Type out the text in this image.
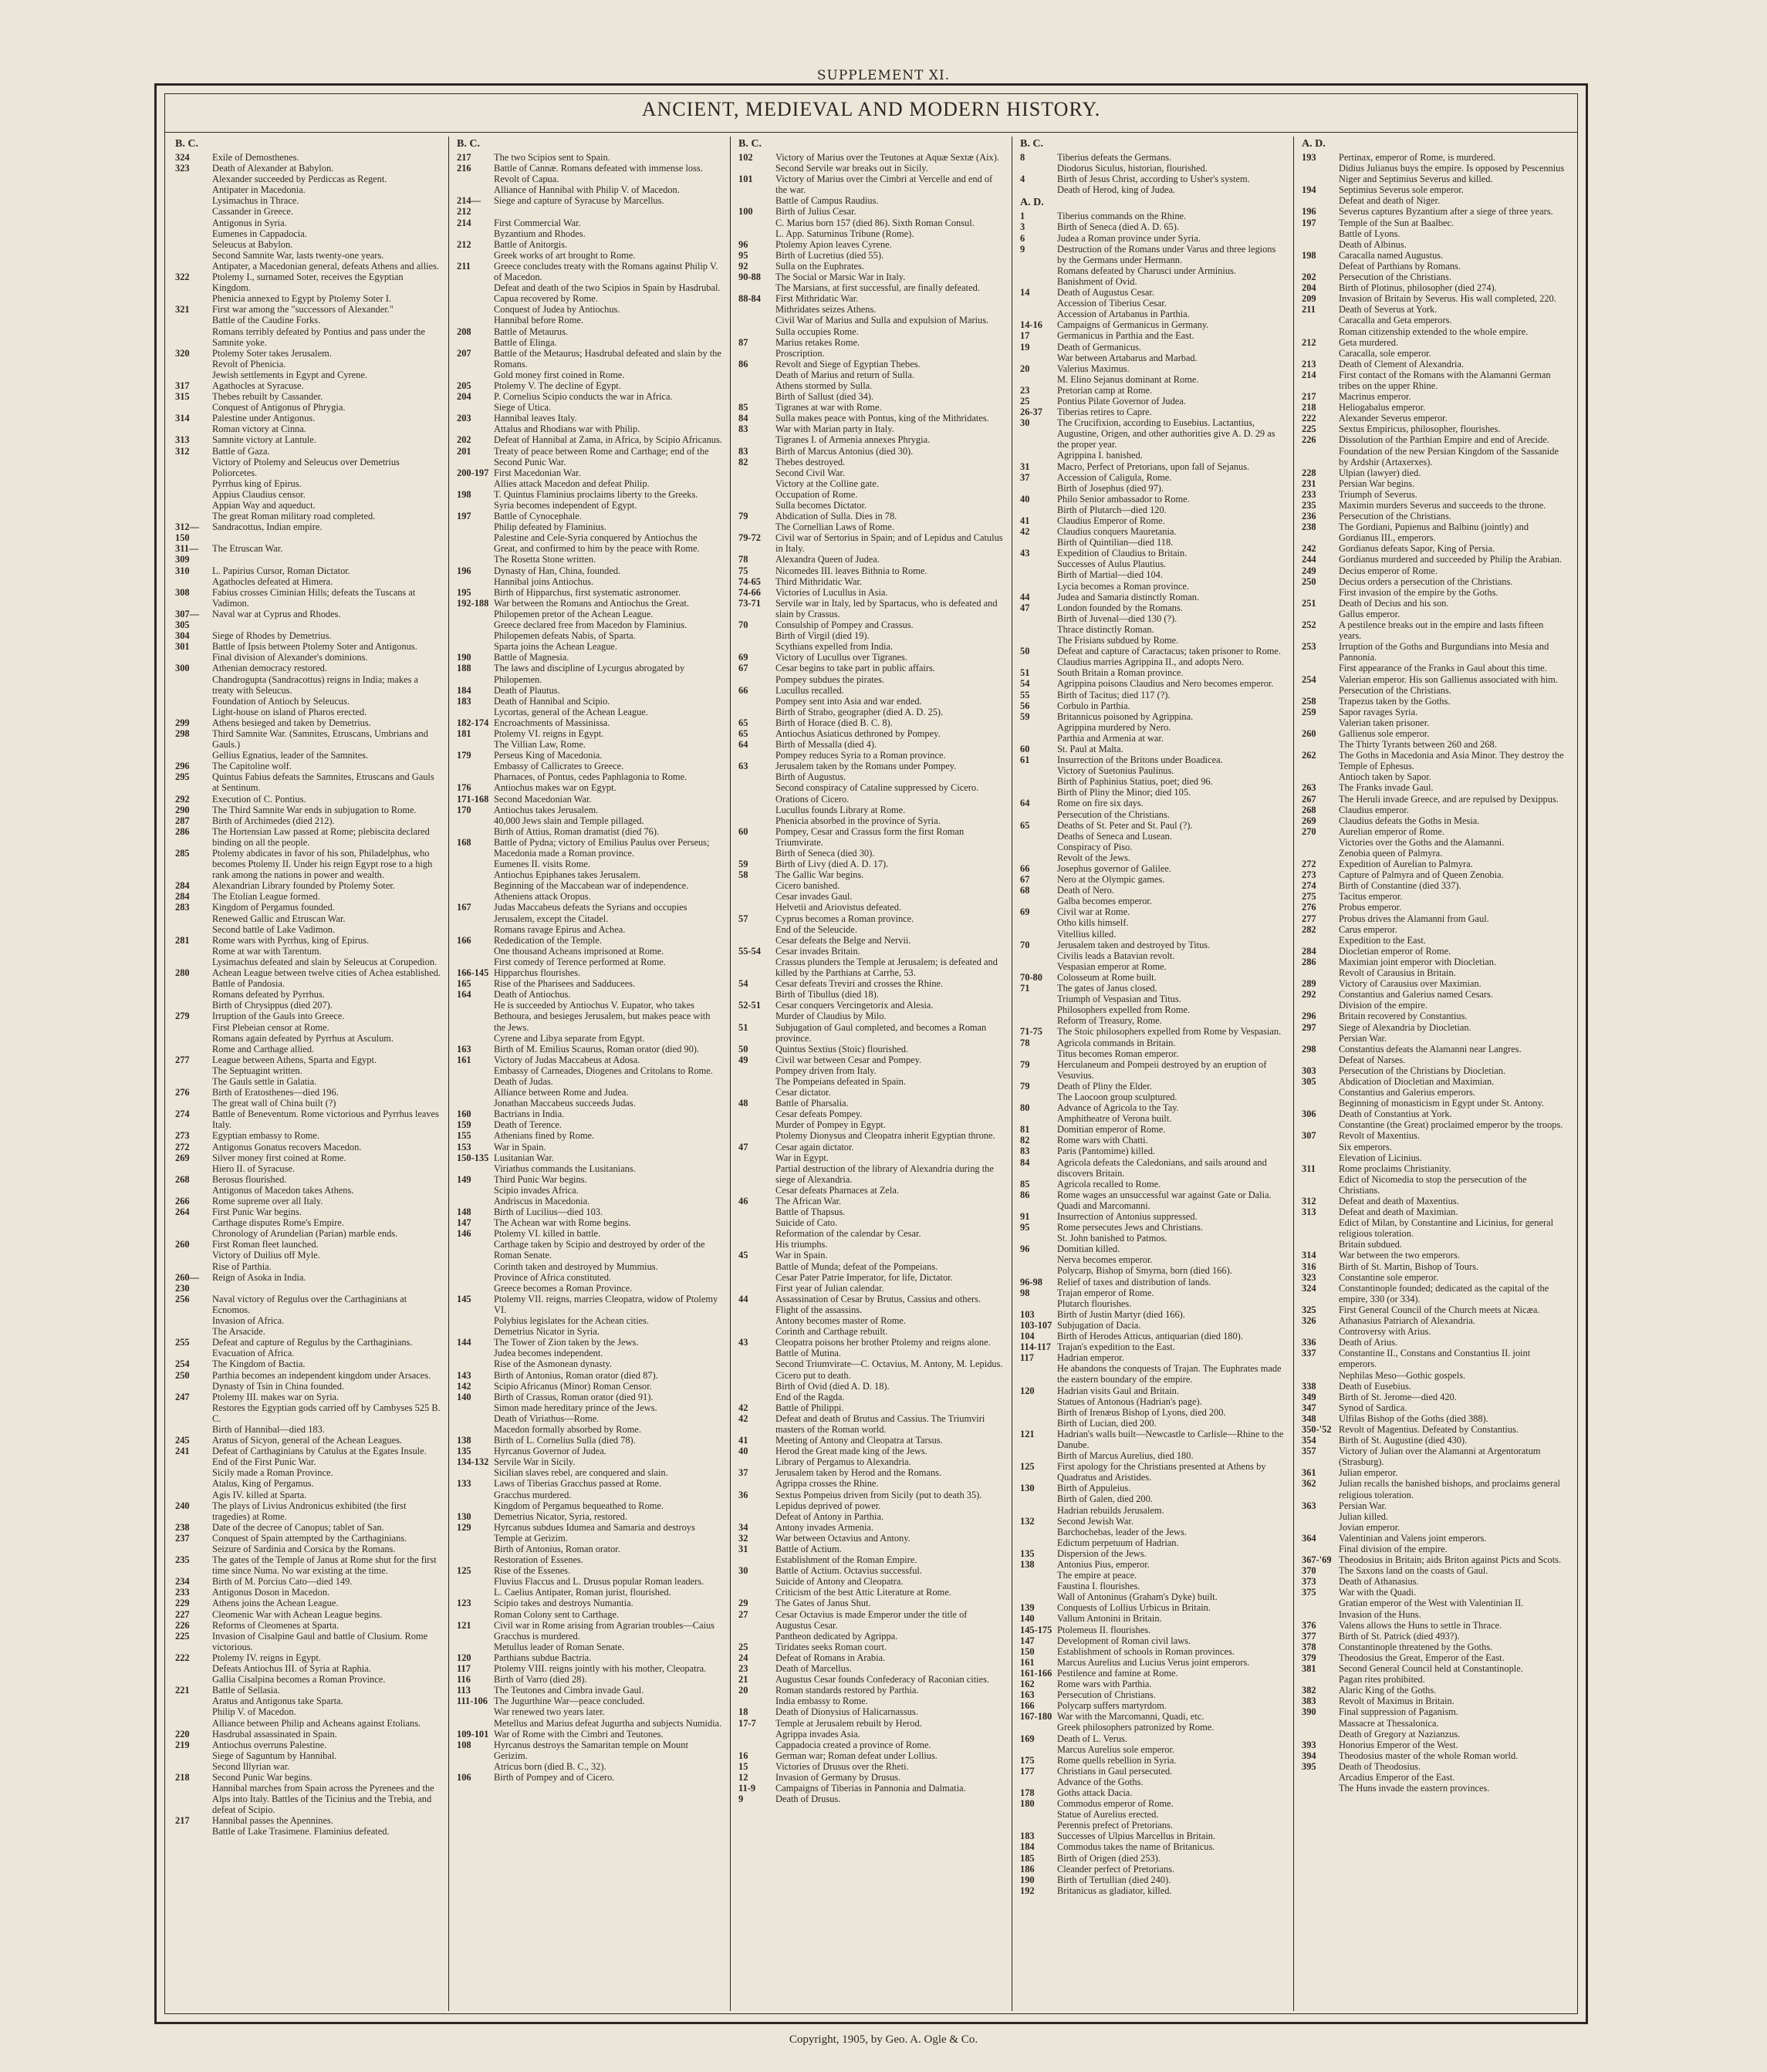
SUPPLEMENT XI.
ANCIENT, MEDIEVAL AND MODERN HISTORY.
B. C.
324	Exile of Demosthenes.
323	Death of Alexander at Babylon.
Alexander succeeded by Perdiccas as Regent.
Antipater in Macedonia.
Lysimachus in Thrace.
Cassander in Greece.
Antigonus in Syria.
Eumenes in Cappadocia.
Seleucus at Babylon.
Second Samnite War, lasts twenty-one years.
Antipater, a Macedonian general, defeats Athens and allies.
322	Ptolemy I., surnamed Soter, receives the Egyptian Kingdom.
Phenicia annexed to Egypt by Ptolemy Soter I.
321	First war among the "successors of Alexander."
Battle of the Caudine Forks.
Romans terribly defeated by Pontius and pass under the Samnite yoke.
320	Ptolemy Soter takes Jerusalem.
Revolt of Phenicia.
Jewish settlements in Egypt and Cyrene.
317	Agathocles at Syracuse.
315	Thebes rebuilt by Cassander.
Conquest of Antigonus of Phrygia.
314	Palestine under Antigonus.
Roman victory at Cinna.
313	Samnite victory at Lantule.
312	Battle of Gaza.
Victory of Ptolemy and Seleucus over Demetrius Poliorcetes.
Pyrrhus king of Epirus.
Appius Claudius censor.
Appian Way and aqueduct.
The great Roman military road completed.
312—150
Sandracottus, Indian empire.
311—309
The Etruscan War.
310	L. Papirius Cursor, Roman Dictator.
Agathocles defeated at Himera.
308	Fabius crosses Ciminian Hills; defeats the Tuscans at Vadimon.
307—305
Naval war at Cyprus and Rhodes.
304	Siege of Rhodes by Demetrius.
301	Battle of Ipsis between Ptolemy Soter and Antigonus.
Final division of Alexander's dominions.
300	Athenian democracy restored.
Chandrogupta (Sandracottus) reigns in India; makes a treaty with Seleucus.
Foundation of Antioch by Seleucus.
Light-house on island of Pharos erected.
299	Athens besieged and taken by Demetrius.
298	Third Samnite War. (Samnites, Etruscans, Umbrians and Gauls.)
Gellius Egnatius, leader of the Samnites.
296	The Capitoline wolf.
295	Quintus Fabius defeats the Samnites, Etruscans and Gauls at Sentinum.
292	Execution of C. Pontius.
290	The Third Samnite War ends in subjugation to Rome.
287	Birth of Archimedes (died 212).
286	The Hortensian Law passed at Rome; plebiscita declared binding on all the people.
285	Ptolemy abdicates in favor of his son, Philadelphus, who becomes Ptolemy II. Under his reign Egypt rose to a high rank among the nations in power and wealth.
284	Alexandrian Library founded by Ptolemy Soter.
284	The Etolian League formed.
283	Kingdom of Pergamus founded.
Renewed Gallic and Etruscan War.
Second battle of Lake Vadimon.
281	Rome wars with Pyrrhus, king of Epirus.
Rome at war with Tarentum.
Lysimachus defeated and slain by Seleucus at Corupedion.
280	Achean League between twelve cities of Achea established.
Battle of Pandosia.
Romans defeated by Pyrrhus.
Birth of Chrysippus (died 207).
279	Irruption of the Gauls into Greece.
First Plebeian censor at Rome.
Romans again defeated by Pyrrhus at Asculum.
Rome and Carthage allied.
277	League between Athens, Sparta and Egypt.
The Septuagint written.
The Gauls settle in Galatia.
276	Birth of Eratosthenes—died 196.
The great wall of China built (?)
274	Battle of Beneventum. Rome victorious and Pyrrhus leaves Italy.
273	Egyptian embassy to Rome.
272	Antigonus Gonatus recovers Macedon.
269	Silver money first coined at Rome.
Hiero II. of Syracuse.
268	Berosus flourished.
Antigonus of Macedon takes Athens.
266	Rome supreme over all Italy.
264	First Punic War begins.
Carthage disputes Rome's Empire.
Chronology of Arundelian (Parian) marble ends.
260	First Roman fleet launched.
Victory of Duilius off Myle.
Rise of Parthia.
260—230
Reign of Asoka in India.
256	Naval victory of Regulus over the Carthaginians at Ecnomos.
Invasion of Africa.
The Arsacide.
255	Defeat and capture of Regulus by the Carthaginians.
Evacuation of Africa.
254	The Kingdom of Bactia.
250	Parthia becomes an independent kingdom under Arsaces.
Dynasty of Tsin in China founded.
247	Ptolemy III. makes war on Syria.
Restores the Egyptian gods carried off by Cambyses 525 B. C.
Birth of Hannibal—died 183.
245	Aratus of Sicyon, general of the Achean Leagues.
241	Defeat of Carthaginians by Catulus at the Egates Insule.
End of the First Punic War.
Sicily made a Roman Province.
Atalus, King of Pergamus.
Agis IV. killed at Sparta.
240	The plays of Livius Andronicus exhibited (the first tragedies) at Rome.
238	Date of the decree of Canopus; tablet of San.
237	Conquest of Spain attempted by the Carthaginians.
Seizure of Sardinia and Corsica by the Romans.
235	The gates of the Temple of Janus at Rome shut for the first time since Numa. No war existing at the time.
234	Birth of M. Porcius Cato—died 149.
233	Antigonus Doson in Macedon.
229	Athens joins the Achean League.
227	Cleomenic War with Achean League begins.
226	Reforms of Cleomenes at Sparta.
225	Invasion of Cisalpine Gaul and battle of Clusium. Rome victorious.
222	Ptolemy IV. reigns in Egypt.
Defeats Antiochus III. of Syria at Raphia.
Gallia Cisalpina becomes a Roman Province.
221	Battle of Sellasia.
Aratus and Antigonus take Sparta.
Philip V. of Macedon.
Alliance between Philip and Acheans against Etolians.
220	Hasdrubal assassinated in Spain.
219	Antiochus overruns Palestine.
Siege of Saguntum by Hannibal.
Second Illyrian war.
218	Second Punic War begins.
Hannibal marches from Spain across the Pyrenees and the Alps into Italy. Battles of the Ticinius and the Trebia, and defeat of Scipio.
217	Hannibal passes the Apennines.
Battle of Lake Trasimene. Flaminius defeated.
B. C.
217	The two Scipios sent to Spain.
216	Battle of Cannæ. Romans defeated with immense loss.
Revolt of Capua.
Alliance of Hannibal with Philip V. of Macedon.
214—212
Siege and capture of Syracuse by Marcellus.
214	First Commercial War.
Byzantium and Rhodes.
212	Battle of Anitorgis.
Greek works of art brought to Rome.
211	Greece concludes treaty with the Romans against Philip V. of Macedon.
Defeat and death of the two Scipios in Spain by Hasdrubal.
Capua recovered by Rome.
Conquest of Judea by Antiochus.
Hannibal before Rome.
208	Battle of Metaurus.
Battle of Elinga.
207	Battle of the Metaurus; Hasdrubal defeated and slain by the Romans.
Gold money first coined in Rome.
205	Ptolemy V. The decline of Egypt.
204	P. Cornelius Scipio conducts the war in Africa.
Siege of Utica.
203	Hannibal leaves Italy.
Attalus and Rhodians war with Philip.
202	Defeat of Hannibal at Zama, in Africa, by Scipio Africanus.
201	Treaty of peace between Rome and Carthage; end of the Second Punic War.
200-197 First Macedonian War.
Allies attack Macedon and defeat Philip.
198	T. Quintus Flaminius proclaims liberty to the Greeks.
Syria becomes independent of Egypt.
197	Battle of Cynocephale.
Philip defeated by Flaminius.
Palestine and Cele-Syria conquered by Antiochus the Great, and confirmed to him by the peace with Rome.
The Rosetta Stone written.
196	Dynasty of Han, China, founded.
Hannibal joins Antiochus.
195	Birth of Hipparchus, first systematic astronomer.
192-188 War between the Romans and Antiochus the Great.
Philopemen pretor of the Achean League.
Greece declared free from Macedon by Flaminius.
Philopemen defeats Nabis, of Sparta.
Sparta joins the Achean League.
190	Battle of Magnesia.
188	The laws and discipline of Lycurgus abrogated by Philopemen.
184	Death of Plautus.
183	Death of Hannibal and Scipio.
Lycortas, general of the Achean League.
182-174 Encroachments of Massinissa.
181	Ptolemy VI. reigns in Egypt.
The Villian Law, Rome.
179	Perseus King of Macedonia.
Embassy of Callicrates to Greece.
Pharnaces, of Pontus, cedes Paphlagonia to Rome.
176	Antiochus makes war on Egypt.
171-168 Second Macedonian War.
170	Antiochus takes Jerusalem.
40,000 Jews slain and Temple pillaged.
Birth of Attius, Roman dramatist (died 76).
168	Battle of Pydna; victory of Emilius Paulus over Perseus; Macedonia made a Roman province.
Eumenes II. visits Rome.
Antiochus Epiphanes takes Jerusalem.
Beginning of the Maccabean war of independence.
Atheniens attack Oropus.
167	Judas Maccabeus defeats the Syrians and occupies Jerusalem, except the Citadel.
Romans ravage Epirus and Achea.
166	Rededication of the Temple.
One thousand Acheans imprisoned at Rome.
First comedy of Terence performed at Rome.
166-145 Hipparchus flourishes.
165	Rise of the Pharisees and Sadducees.
164	Death of Antiochus.
He is succeeded by Antiochus V. Eupator, who takes Bethoura, and besieges Jerusalem, but makes peace with the Jews.
Cyrene and Libya separate from Egypt.
163	Birth of M. Emilius Scaurus, Roman orator (died 90).
161	Victory of Judas Maccabeus at Adosa.
Embassy of Carneades, Diogenes and Critolans to Rome.
Death of Judas.
Alliance between Rome and Judea.
Jonathan Maccabeus succeeds Judas.
160	Bactrians in India.
159	Death of Terence.
155	Athenians fined by Rome.
153	War in Spain.
150-135 Lusitanian War.
Viriathus commands the Lusitanians.
149	Third Punic War begins.
Scipio invades Africa.
Andriscus in Macedonia.
148	Birth of Lucilius—died 103.
147	The Achean war with Rome begins.
146	Ptolemy VI. killed in battle.
Carthage taken by Scipio and destroyed by order of the Roman Senate.
Corinth taken and destroyed by Mummius.
Province of Africa constituted.
Greece becomes a Roman Province.
145	Ptolemy VII. reigns, marries Cleopatra, widow of Ptolemy VI.
Polybius legislates for the Achean cities.
Demetrius Nicator in Syria.
144	The Tower of Zion taken by the Jews.
Judea becomes independent.
Rise of the Asmonean dynasty.
143	Birth of Antonius, Roman orator (died 87).
142	Scipio Africanus (Minor) Roman Censor.
140	Birth of Crassus, Roman orator (died 91).
Simon made hereditary prince of the Jews.
Death of Viriathus—Rome.
Macedon formally absorbed by Rome.
138	Birth of L. Cornelius Sulla (died 78).
135	Hyrcanus Governor of Judea.
134-132 Servile War in Sicily.
Sicilian slaves rebel, are conquered and slain.
133	Laws of Tiberias Gracchus passed at Rome.
Gracchus murdered.
Kingdom of Pergamus bequeathed to Rome.
130	Demetrius Nicator, Syria, restored.
129	Hyrcanus subdues Idumea and Samaria and destroys Temple at Gerizim.
Birth of Antonius, Roman orator.
Restoration of Essenes.
125	Rise of the Essenes.
Fluvius Flaccus and L. Drusus popular Roman leaders.
L. Caelius Antipater, Roman jurist, flourished.
123	Scipio takes and destroys Numantia.
Roman Colony sent to Carthage.
121	Civil war in Rome arising from Agrarian troubles—Caius Gracchus is murdered.
Metullus leader of Roman Senate.
120	Parthians subdue Bactria.
117	Ptolemy VIII. reigns jointly with his mother, Cleopatra.
116	Birth of Varro (died 28).
113	The Teutones and Cimbra invade Gaul.
111-106 The Jugurthine War—peace concluded.
War renewed two years later.
Metellus and Marius defeat Jugurtha and subjects Numidia.
109-101 War of Rome with the Cimbri and Teutones.
108	Hyrcanus destroys the Samaritan temple on Mount Gerizim.
Atricus born (died B. C., 32).
106	Birth of Pompey and of Cicero.
B. C.
102	Victory of Marius over the Teutones at Aquæ Sextæ (Aix).
Second Servile war breaks out in Sicily.
101	Victory of Marius over the Cimbri at Vercelle and end of the war.
Battle of Campus Raudius.
100	Birth of Julius Cesar.
C. Marius born 157 (died 86). Sixth Roman Consul.
L. App. Saturninus Tribune (Rome).
96	Ptolemy Apion leaves Cyrene.
95	Birth of Lucretius (died 55).
92	Sulla on the Euphrates.
90-88	The Social or Marsic War in Italy.
The Marsians, at first successful, are finally defeated.
88-84	First Mithridatic War.
Mithridates seizes Athens.
Civil War of Marius and Sulla and expulsion of Marius.
Sulla occupies Rome.
87	Marius retakes Rome.
Proscription.
86	Revolt and Siege of Egyptian Thebes.
Death of Marius and return of Sulla.
Athens stormed by Sulla.
Birth of Sallust (died 34).
85	Tigranes at war with Rome.
84	Sulla makes peace with Pontus, king of the Mithridates.
83	War with Marian party in Italy.
Tigranes I. of Armenia annexes Phrygia.
83	Birth of Marcus Antonius (died 30).
82	Thebes destroyed.
Second Civil War.
Victory at the Colline gate.
Occupation of Rome.
Sulla becomes Dictator.
79	Abdication of Sulla. Dies in 78.
The Cornellian Laws of Rome.
79-72	Civil war of Sertorius in Spain; and of Lepidus and Catulus in Italy.
78	Alexandra Queen of Judea.
75	Nicomedes III. leaves Bithnia to Rome.
74-65	Third Mithridatic War.
74-66	Victories of Lucullus in Asia.
73-71	Servile war in Italy, led by Spartacus, who is defeated and slain by Crassus.
70	Consulship of Pompey and Crassus.
Birth of Virgil (died 19).
Scythians expelled from India.
69	Victory of Lucullus over Tigranes.
67	Cesar begins to take part in public affairs.
Pompey subdues the pirates.
66	Lucullus recalled.
Pompey sent into Asia and war ended.
Birth of Strabo, geographer (died A. D. 25).
65	Birth of Horace (died B. C. 8).
65	Antiochus Asiaticus dethroned by Pompey.
64	Birth of Messalla (died 4).
Pompey reduces Syria to a Roman province.
63	Jerusalem taken by the Romans under Pompey.
Birth of Augustus.
Second conspiracy of Cataline suppressed by Cicero.
Orations of Cicero.
Lucullus founds Library at Rome.
Phenicia absorbed in the province of Syria.
60	Pompey, Cesar and Crassus form the first Roman Triumvirate.
Birth of Seneca (died 30).
59	Birth of Livy (died A. D. 17).
58	The Gallic War begins.
Cicero banished.
Cesar invades Gaul.
Helvetii and Ariovistus defeated.
57	Cyprus becomes a Roman province.
End of the Seleucide.
Cesar defeats the Belge and Nervii.
55-54	Cesar invades Britain.
Crassus plunders the Temple at Jerusalem; is defeated and killed by the Parthians at Carrhe, 53.
54	Cesar defeats Treviri and crosses the Rhine.
Birth of Tibullus (died 18).
52-51	Cesar conquers Vercingetorix and Alesia.
Murder of Claudius by Milo.
51	Subjugation of Gaul completed, and becomes a Roman province.
50	Quintus Sextius (Stoic) flourished.
49	Civil war between Cesar and Pompey.
Pompey driven from Italy.
The Pompeians defeated in Spain.
Cesar dictator.
48	Battle of Pharsalia.
Cesar defeats Pompey.
Murder of Pompey in Egypt.
Ptolemy Dionysus and Cleopatra inherit Egyptian throne.
47	Cesar again dictator.
War in Egypt.
Partial destruction of the library of Alexandria during the siege of Alexandria.
Cesar defeats Pharnaces at Zela.
46	The African War.
Battle of Thapsus.
Suicide of Cato.
Reformation of the calendar by Cesar.
His triumphs.
45	War in Spain.
Battle of Munda; defeat of the Pompeians.
Cesar Pater Patrie Imperator, for life, Dictator.
First year of Julian calendar.
44	Assassination of Cesar by Brutus, Cassius and others. Flight of the assassins.
Antony becomes master of Rome.
Corinth and Carthage rebuilt.
43	Cleopatra poisons her brother Ptolemy and reigns alone.
Battle of Mutina.
Second Triumvirate—C. Octavius, M. Antony, M. Lepidus.
Cicero put to death.
Birth of Ovid (died A. D. 18).
End of the Ragda.
42	Battle of Philippi.
42	Defeat and death of Brutus and Cassius. The Triumviri masters of the Roman world.
41	Meeting of Antony and Cleopatra at Tarsus.
40	Herod the Great made king of the Jews.
Library of Pergamus to Alexandria.
37	Jerusalem taken by Herod and the Romans.
Agrippa crosses the Rhine.
36	Sextus Pompeius driven from Sicily (put to death 35).
Lepidus deprived of power.
Defeat of Antony in Parthia.
34	Antony invades Armenia.
32	War between Octavius and Antony.
31	Battle of Actium.
Establishment of the Roman Empire.
30	Battle of Actium. Octavius successful.
Suicide of Antony and Cleopatra.
Criticism of the best Attic Literature at Rome.
29	The Gates of Janus Shut.
27	Cesar Octavius is made Emperor under the title of Augustus Cesar.
Pantheon dedicated by Agrippa.
25	Tiridates seeks Roman court.
24	Defeat of Romans in Arabia.
23	Death of Marcellus.
21	Augustus Cesar founds Confederacy of Raconian cities.
20	Roman standards restored by Parthia.
India embassy to Rome.
18	Death of Dionysius of Halicarnassus.
17-7	Temple at Jerusalem rebuilt by Herod.
Agrippa invades Asia.
Cappadocia created a province of Rome.
16	German war; Roman defeat under Lollius.
15	Victories of Drusus over the Rheti.
12	Invasion of Germany by Drusus.
11-9	Campaigns of Tiberias in Pannonia and Dalmatia.
9	Death of Drusus.
B. C.
8	Tiberius defeats the Germans.
Diodorus Siculus, historian, flourished.
4	Birth of Jesus Christ, according to Usher's system.
Death of Herod, king of Judea.
A. D.
1	Tiberius commands on the Rhine.
3	Birth of Seneca (died A. D. 65).
6	Judea a Roman province under Syria.
9	Destruction of the Romans under Varus and three legions by the Germans under Hermann.
Romans defeated by Charusci under Arminius.
Banishment of Ovid.
14	Death of Augustus Cesar.
Accession of Tiberius Cesar.
Accession of Artabanus in Parthia.
14-16	Campaigns of Germanicus in Germany.
17	Germanicus in Parthia and the East.
19	Death of Germanicus.
War between Artabarus and Marbad.
20	Valerius Maximus.
M. Elino Sejanus dominant at Rome.
23	Pretorian camp at Rome.
25	Pontius Pilate Governor of Judea.
26-37	Tiberias retires to Capre.
30	The Crucifixion, according to Eusebius. Lactantius, Augustine, Origen, and other authorities give A. D. 29 as the proper year.
Agrippina I. banished.
31	Macro, Perfect of Pretorians, upon fall of Sejanus.
37	Accession of Caligula, Rome.
Birth of Josephus (died 97).
40	Philo Senior ambassador to Rome.
Birth of Plutarch—died 120.
41	Claudius Emperor of Rome.
42	Claudius conquers Mauretania.
Birth of Quintilian—died 118.
43	Expedition of Claudius to Britain.
Successes of Aulus Plautius.
Birth of Martial—died 104.
Lycia becomes a Roman province.
44	Judea and Samaria distinctly Roman.
47	London founded by the Romans.
Birth of Juvenal—died 130 (?).
Thrace distinctly Roman.
The Frisians subdued by Rome.
50	Defeat and capture of Caractacus; taken prisoner to Rome.
Claudius marries Agrippina II., and adopts Nero.
51	South Britain a Roman province.
54	Agrippina poisons Claudius and Nero becomes emperor.
55	Birth of Tacitus; died 117 (?).
56	Corbulo in Parthia.
59	Britannicus poisoned by Agrippina.
Agrippina murdered by Nero.
Parthia and Armenia at war.
60	St. Paul at Malta.
61	Insurrection of the Britons under Boadicea.
Victory of Suetonius Paulinus.
Birth of Paphinius Statius, poet; died 96.
Birth of Pliny the Minor; died 105.
64	Rome on fire six days.
Persecution of the Christians.
65	Deaths of St. Peter and St. Paul (?).
Deaths of Seneca and Lusean.
Conspiracy of Piso.
Revolt of the Jews.
66	Josephus governor of Galilee.
67	Nero at the Olympic games.
68	Death of Nero.
Galba becomes emperor.
69	Civil war at Rome.
Otho kills himself.
Vitellius killed.
70	Jerusalem taken and destroyed by Titus.
Civilis leads a Batavian revolt.
Vespasian emperor at Rome.
70-80	Colosseum at Rome built.
71	The gates of Janus closed.
Triumph of Vespasian and Titus.
Philosophers expelled from Rome.
Reform of Treasury, Rome.
71-75	The Stoic philosophers expelled from Rome by Vespasian.
78	Agricola commands in Britain.
Titus becomes Roman emperor.
79	Herculaneum and Pompeii destroyed by an eruption of Vesuvius.
79	Death of Pliny the Elder.
The Laocoon group sculptured.
80	Advance of Agricola to the Tay.
Amphitheatre of Verona built.
81	Domitian emperor of Rome.
82	Rome wars with Chatti.
83	Paris (Pantomime) killed.
84	Agricola defeats the Caledonians, and sails around and discovers Britain.
85	Agricola recalled to Rome.
86	Rome wages an unsuccessful war against Gate or Dalia.
Quadi and Marcomanni.
91	Insurrection of Antonius suppressed.
95	Rome persecutes Jews and Christians.
St. John banished to Patmos.
96	Domitian killed.
Nerva becomes emperor.
Polycarp, Bishop of Smyrna, born (died 166).
96-98	Relief of taxes and distribution of lands.
98	Trajan emperor of Rome.
Plutarch flourishes.
103	Birth of Justin Martyr (died 166).
103-107 Subjugation of Dacia.
104	Birth of Herodes Atticus, antiquarian (died 180).
114-117 Trajan's expedition to the East.
117	Hadrian emperor.
He abandons the conquests of Trajan. The Euphrates made the eastern boundary of the empire.
120	Hadrian visits Gaul and Britain.
Statues of Antonous (Hadrian's page).
Birth of Irenæus Bishop of Lyons, died 200.
Birth of Lucian, died 200.
121	Hadrian's walls built—Newcastle to Carlisle—Rhine to the Danube.
Birth of Marcus Aurelius, died 180.
125	First apology for the Christians presented at Athens by Quadratus and Aristides.
130	Birth of Appuleius.
Birth of Galen, died 200.
Hadrian rebuilds Jerusalem.
132	Second Jewish War.
Barchochebas, leader of the Jews.
Edictum perpetuum of Hadrian.
135	Dispersion of the Jews.
138	Antonius Pius, emperor.
The empire at peace.
Faustina I. flourishes.
Wall of Antoninus (Graham's Dyke) built.
139	Conquests of Lollius Urbicus in Britain.
140	Vallum Antonini in Britain.
145-175 Ptolemeus II. flourishes.
147	Development of Roman civil laws.
150	Establishment of schools in Roman provinces.
161	Marcus Aurelius and Lucius Verus joint emperors.
161-166 Pestilence and famine at Rome.
162	Rome wars with Parthia.
163	Persecution of Christians.
166	Polycarp suffers martyrdom.
167-180 War with the Marcomanni, Quadi, etc.
Greek philosophers patronized by Rome.
169	Death of L. Verus.
Marcus Aurelius sole emperor.
175	Rome quells rebellion in Syria.
177	Christians in Gaul persecuted.
Advance of the Goths.
178	Goths attack Dacia.
180	Commodus emperor of Rome.
Statue of Aurelius erected.
Perennis prefect of Pretorians.
183	Successes of Ulpius Marcellus in Britain.
184	Commodus takes the name of Britanicus.
185	Birth of Origen (died 253).
186	Cleander perfect of Pretorians.
190	Birth of Tertullian (died 240).
192	Britanicus as gladiator, killed.
A. D.
193	Pertinax, emperor of Rome, is murdered.
Didius Julianus buys the empire. Is opposed by Pescennius Niger and Septimius Severus and killed.
194	Septimius Severus sole emperor.
Defeat and death of Niger.
196	Severus captures Byzantium after a siege of three years.
197	Temple of the Sun at Baalbec.
Battle of Lyons.
Death of Albinus.
198	Caracalla named Augustus.
Defeat of Parthians by Romans.
202	Persecution of the Christians.
204	Birth of Plotinus, philosopher (died 274).
209	Invasion of Britain by Severus. His wall completed, 220.
211	Death of Severus at York.
Caracalla and Geta emperors.
Roman citizenship extended to the whole empire.
212	Geta murdered.
Caracalla, sole emperor.
213	Death of Clement of Alexandria.
214	First contact of the Romans with the Alamanni German tribes on the upper Rhine.
217	Macrinus emperor.
218	Heliogabalus emperor.
222	Alexander Severus emperor.
225	Sextus Empiricus, philosopher, flourishes.
226	Dissolution of the Parthian Empire and end of Arecide.
Foundation of the new Persian Kingdom of the Sassanide by Ardshir (Artaxerxes).
228	Ulpian (lawyer) died.
231	Persian War begins.
233	Triumph of Severus.
235	Maximin murders Severus and succeeds to the throne.
236	Persecution of the Christians.
238	The Gordiani, Pupienus and Balbinu (jointly) and Gordianus III., emperors.
242	Gordianus defeats Sapor, King of Persia.
244	Gordianus murdered and succeeded by Philip the Arabian.
249	Decius emperor of Rome.
250	Decius orders a persecution of the Christians.
First invasion of the empire by the Goths.
251	Death of Decius and his son.
Gallus emperor.
252	A pestilence breaks out in the empire and lasts fifteen years.
253	Irruption of the Goths and Burgundians into Mesia and Pannonia.
First appearance of the Franks in Gaul about this time.
254	Valerian emperor. His son Gallienus associated with him.
Persecution of the Christians.
258	Trapezus taken by the Goths.
259	Sapor ravages Syria.
Valerian taken prisoner.
260	Gallienus sole emperor.
The Thirty Tyrants between 260 and 268.
262	The Goths in Macedonia and Asia Minor. They destroy the Temple of Ephesus.
Antioch taken by Sapor.
263	The Franks invade Gaul.
267	The Heruli invade Greece, and are repulsed by Dexippus.
268	Claudius emperor.
269	Claudius defeats the Goths in Mesia.
270	Aurelian emperor of Rome.
Victories over the Goths and the Alamanni.
Zenobia queen of Palmyra.
272	Expedition of Aurelian to Palmyra.
273	Capture of Palmyra and of Queen Zenobia.
274	Birth of Constantine (died 337).
275	Tacitus emperor.
276	Probus emperor.
277	Probus drives the Alamanni from Gaul.
282	Carus emperor.
Expedition to the East.
284	Diocletian emperor of Rome.
286	Maximian joint emperor with Diocletian.
Revolt of Carausius in Britain.
289	Victory of Carausius over Maximian.
292	Constantius and Galerius named Cesars.
Division of the empire.
296	Britain recovered by Constantius.
297	Siege of Alexandria by Diocletian.
Persian War.
298	Constantius defeats the Alamanni near Langres.
Defeat of Narses.
303	Persecution of the Christians by Diocletian.
305	Abdication of Diocletian and Maximian.
Constantius and Galerius emperors.
Beginning of monasticism in Egypt under St. Antony.
306	Death of Constantius at York.
Constantine (the Great) proclaimed emperor by the troops.
307	Revolt of Maxentius.
Six emperors.
Elevation of Licinius.
311	Rome proclaims Christianity.
Edict of Nicomedia to stop the persecution of the Christians.
312	Defeat and death of Maxentius.
313	Defeat and death of Maximian.
Edict of Milan, by Constantine and Licinius, for general religious toleration.
Britain subdued.
314	War between the two emperors.
316	Birth of St. Martin, Bishop of Tours.
323	Constantine sole emperor.
324	Constantinople founded; dedicated as the capital of the empire, 330 (or 334).
325	First General Council of the Church meets at Nicæa.
326	Athanasius Patriarch of Alexandria.
Controversy with Arius.
336	Death of Arius.
337	Constantine II., Constans and Constantius II. joint emperors.
Nephilas Meso—Gothic gospels.
338	Death of Eusebius.
349	Birth of St. Jerome—died 420.
347	Synod of Sardica.
348	Ulfilas Bishop of the Goths (died 388).
350-'52 Revolt of Magentius. Defeated by Constantius.
354	Birth of St. Augustine (died 430).
357	Victory of Julian over the Alamanni at Argentoratum (Strasburg).
361	Julian emperor.
362	Julian recalls the banished bishops, and proclaims general religious toleration.
363	Persian War.
Julian killed.
Jovian emperor.
364	Valentinian and Valens joint emperors.
Final division of the empire.
367-'69 Theodosius in Britain; aids Briton against Picts and Scots.
370	The Saxons land on the coasts of Gaul.
373	Death of Athanasius.
375	War with the Quadi.
Gratian emperor of the West with Valentinian II.
Invasion of the Huns.
376	Valens allows the Huns to settle in Thrace.
377	Birth of St. Patrick (died 493?).
378	Constantinople threatened by the Goths.
379	Theodosius the Great, Emperor of the East.
381	Second General Council held at Constantinople.
Pagan rites prohibited.
382	Alaric King of the Goths.
383	Revolt of Maximus in Britain.
390	Final suppression of Paganism.
Massacre at Thessalonica.
Death of Gregory at Nazianzus.
393	Honorius Emperor of the West.
394	Theodosius master of the whole Roman world.
395	Death of Theodosius.
Arcadius Emperor of the East.
The Huns invade the eastern provinces.
Copyright, 1905, by Geo. A. Ogle & Co.
